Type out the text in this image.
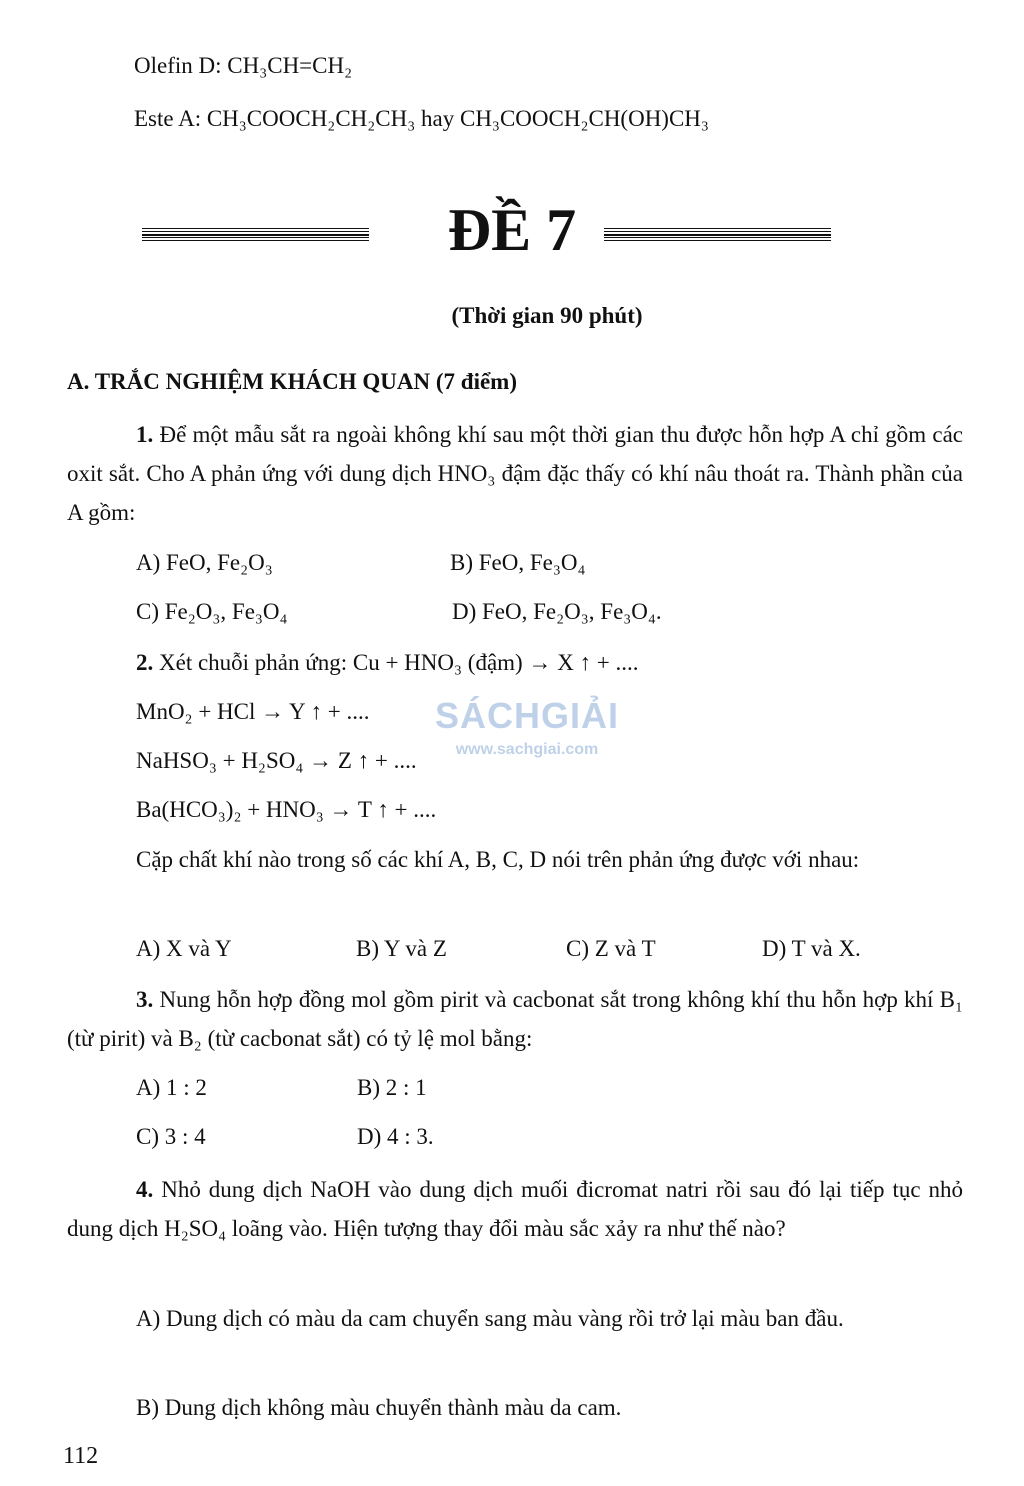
Olefin D: CH₃CH=CH₂
Este A: CH₃COOCH₂CH₂CH₃ hay CH₃COOCH₂CH(OH)CH₃
ĐỀ 7
(Thời gian 90 phút)
A. TRẮC NGHIỆM KHÁCH QUAN (7 điểm)
1. Để một mẫu sắt ra ngoài không khí sau một thời gian thu được hỗn hợp A chỉ gồm các oxit sắt. Cho A phản ứng với dung dịch HNO₃ đậm đặc thấy có khí nâu thoát ra. Thành phần của A gồm:
A) FeO, Fe₂O₃	B) FeO, Fe₃O₄
C) Fe₂O₃, Fe₃O₄	D) FeO, Fe₂O₃, Fe₃O₄.
2. Xét chuỗi phản ứng: Cu + HNO₃ (đậm) → X ↑ + ....
MnO₂ + HCl → Y ↑ + ....
NaHSO₃ + H₂SO₄ → Z ↑ + ....
Ba(HCO₃)₂ + HNO₃ → T ↑ + ....
Cặp chất khí nào trong số các khí A, B, C, D nói trên phản ứng được với nhau:
A) X và Y	B) Y và Z	C) Z và T	D) T và X.
3. Nung hỗn hợp đồng mol gồm pirit và cacbonat sắt trong không khí thu hỗn hợp khí B₁ (từ pirit) và B₂ (từ cacbonat sắt) có tỷ lệ mol bằng:
A) 1 : 2	B) 2 : 1
C) 3 : 4	D) 4 : 3.
4. Nhỏ dung dịch NaOH vào dung dịch muối đicromat natri rồi sau đó lại tiếp tục nhỏ dung dịch H₂SO₄ loãng vào. Hiện tượng thay đổi màu sắc xảy ra như thế nào?
A) Dung dịch có màu da cam chuyển sang màu vàng rồi trở lại màu ban đầu.
B) Dung dịch không màu chuyển thành màu da cam.
SÁCHGIẢI
www.sachgiai.com
112
